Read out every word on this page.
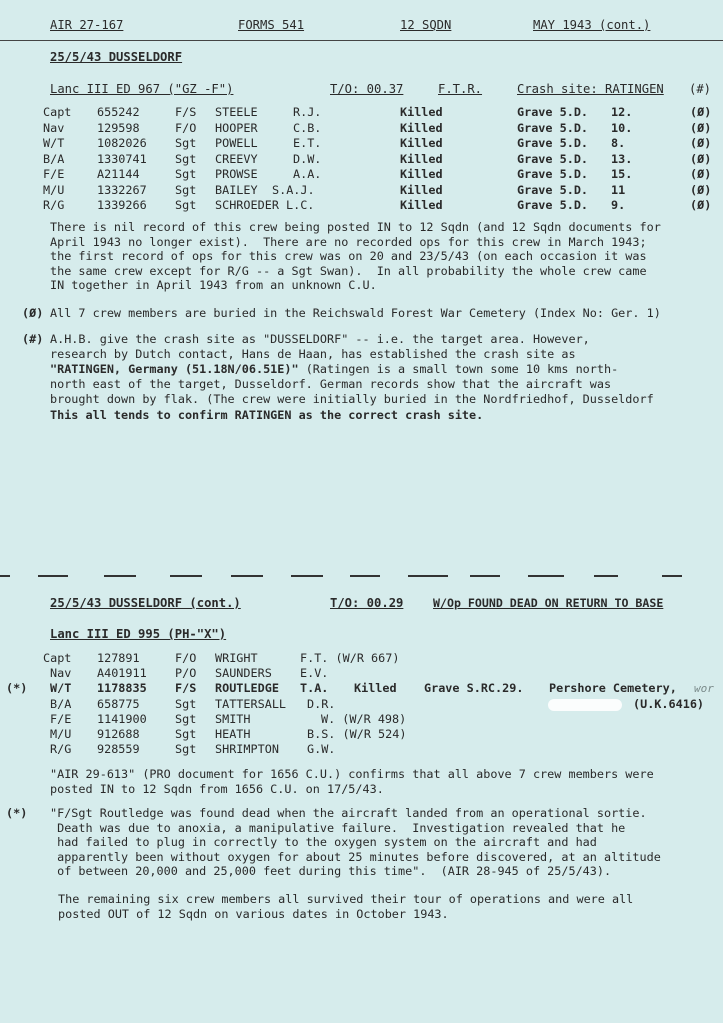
AIR 27-167	FORMS 541	12 SQDN	MAY 1943 (cont.)
25/5/43 DUSSELDORF
Lanc III ED 967 ("GZ -F")	T/O: 00.37	F.T.R.	Crash site: RATINGEN (#)
Capt 655242	F/S STEELE	R.J.	Killed	Grave 5.D. 12.	(Ø)
Nav	129598	F/O HOOPER	C.B.	Killed	Grave 5.D. 10.	(Ø)
W/T	1082026 Sgt POWELL	E.T.	Killed	Grave 5.D. 8.	(Ø)
B/A	1330741 Sgt CREEVY	D.W.	Killed	Grave 5.D. 13.	(Ø)
F/E	A21144	Sgt PROWSE	A.A.	Killed	Grave 5.D. 15.	(Ø)
M/U	1332267 Sgt BAILEY S.A.J.	Killed	Grave 5.D. 11	(Ø)
R/G	1339266 Sgt SCHROEDER L.C.	Killed	Grave 5.D. 9.	(Ø)
There is nil record of this crew being posted IN to 12 Sqdn (and 12 Sqdn documents for
April 1943 no longer exist).  There are no recorded ops for this crew in March 1943;
the first record of ops for this crew was on 20 and 23/5/43 (on each occasion it was
the same crew except for R/G -- a Sgt Swan).  In all probability the whole crew came
IN together in April 1943 from an unknown C.U.
(Ø) All 7 crew members are buried in the Reichswald Forest War Cemetery (Index No: Ger. 1)
(#) A.H.B. give the crash site as "DUSSELDORF" -- i.e. the target area. However,
research by Dutch contact, Hans de Haan, has established the crash site as
"RATINGEN, Germany (51.18N/06.51E)" (Ratingen is a small town some 10 kms north-
north east of the target, Dusseldorf. German records show that the aircraft was
brought down by flak. (The crew were initially buried in the Nordfriedhof, Dusseldorf
This all tends to confirm RATINGEN as the correct crash site.
25/5/43 DUSSELDORF (cont.)	T/O: 00.29	W/Op FOUND DEAD ON RETURN TO BASE
Lanc III ED 995 (PH-"X")
Capt 127891	F/O WRIGHT	F.T. (W/R 667)
Nav A401911 P/O SAUNDERS E.V.
(*) W/T 1178835 F/S ROUTLEDGE T.A. Killed Grave S.RC.29. Pershore Cemetery, wor
B/A 658775	Sgt TATTERSALL D.R.	(U.K.6416)
F/E 1141900 Sgt SMITH	W. (W/R 498)
M/U 912688	Sgt HEATH	B.S. (W/R 524)
R/G 928559	Sgt SHRIMPTON G.W.
"AIR 29-613" (PRO document for 1656 C.U.) confirms that all above 7 crew members were
posted IN to 12 Sqdn from 1656 C.U. on 17/5/43.
(*) "F/Sgt Routledge was found dead when the aircraft landed from an operational sortie.
Death was due to anoxia, a manipulative failure.  Investigation revealed that he
had failed to plug in correctly to the oxygen system on the aircraft and had
apparently been without oxygen for about 25 minutes before discovered, at an altitude
of between 20,000 and 25,000 feet during this time".  (AIR 28-945 of 25/5/43).
The remaining six crew members all survived their tour of operations and were all
posted OUT of 12 Sqdn on various dates in October 1943.
